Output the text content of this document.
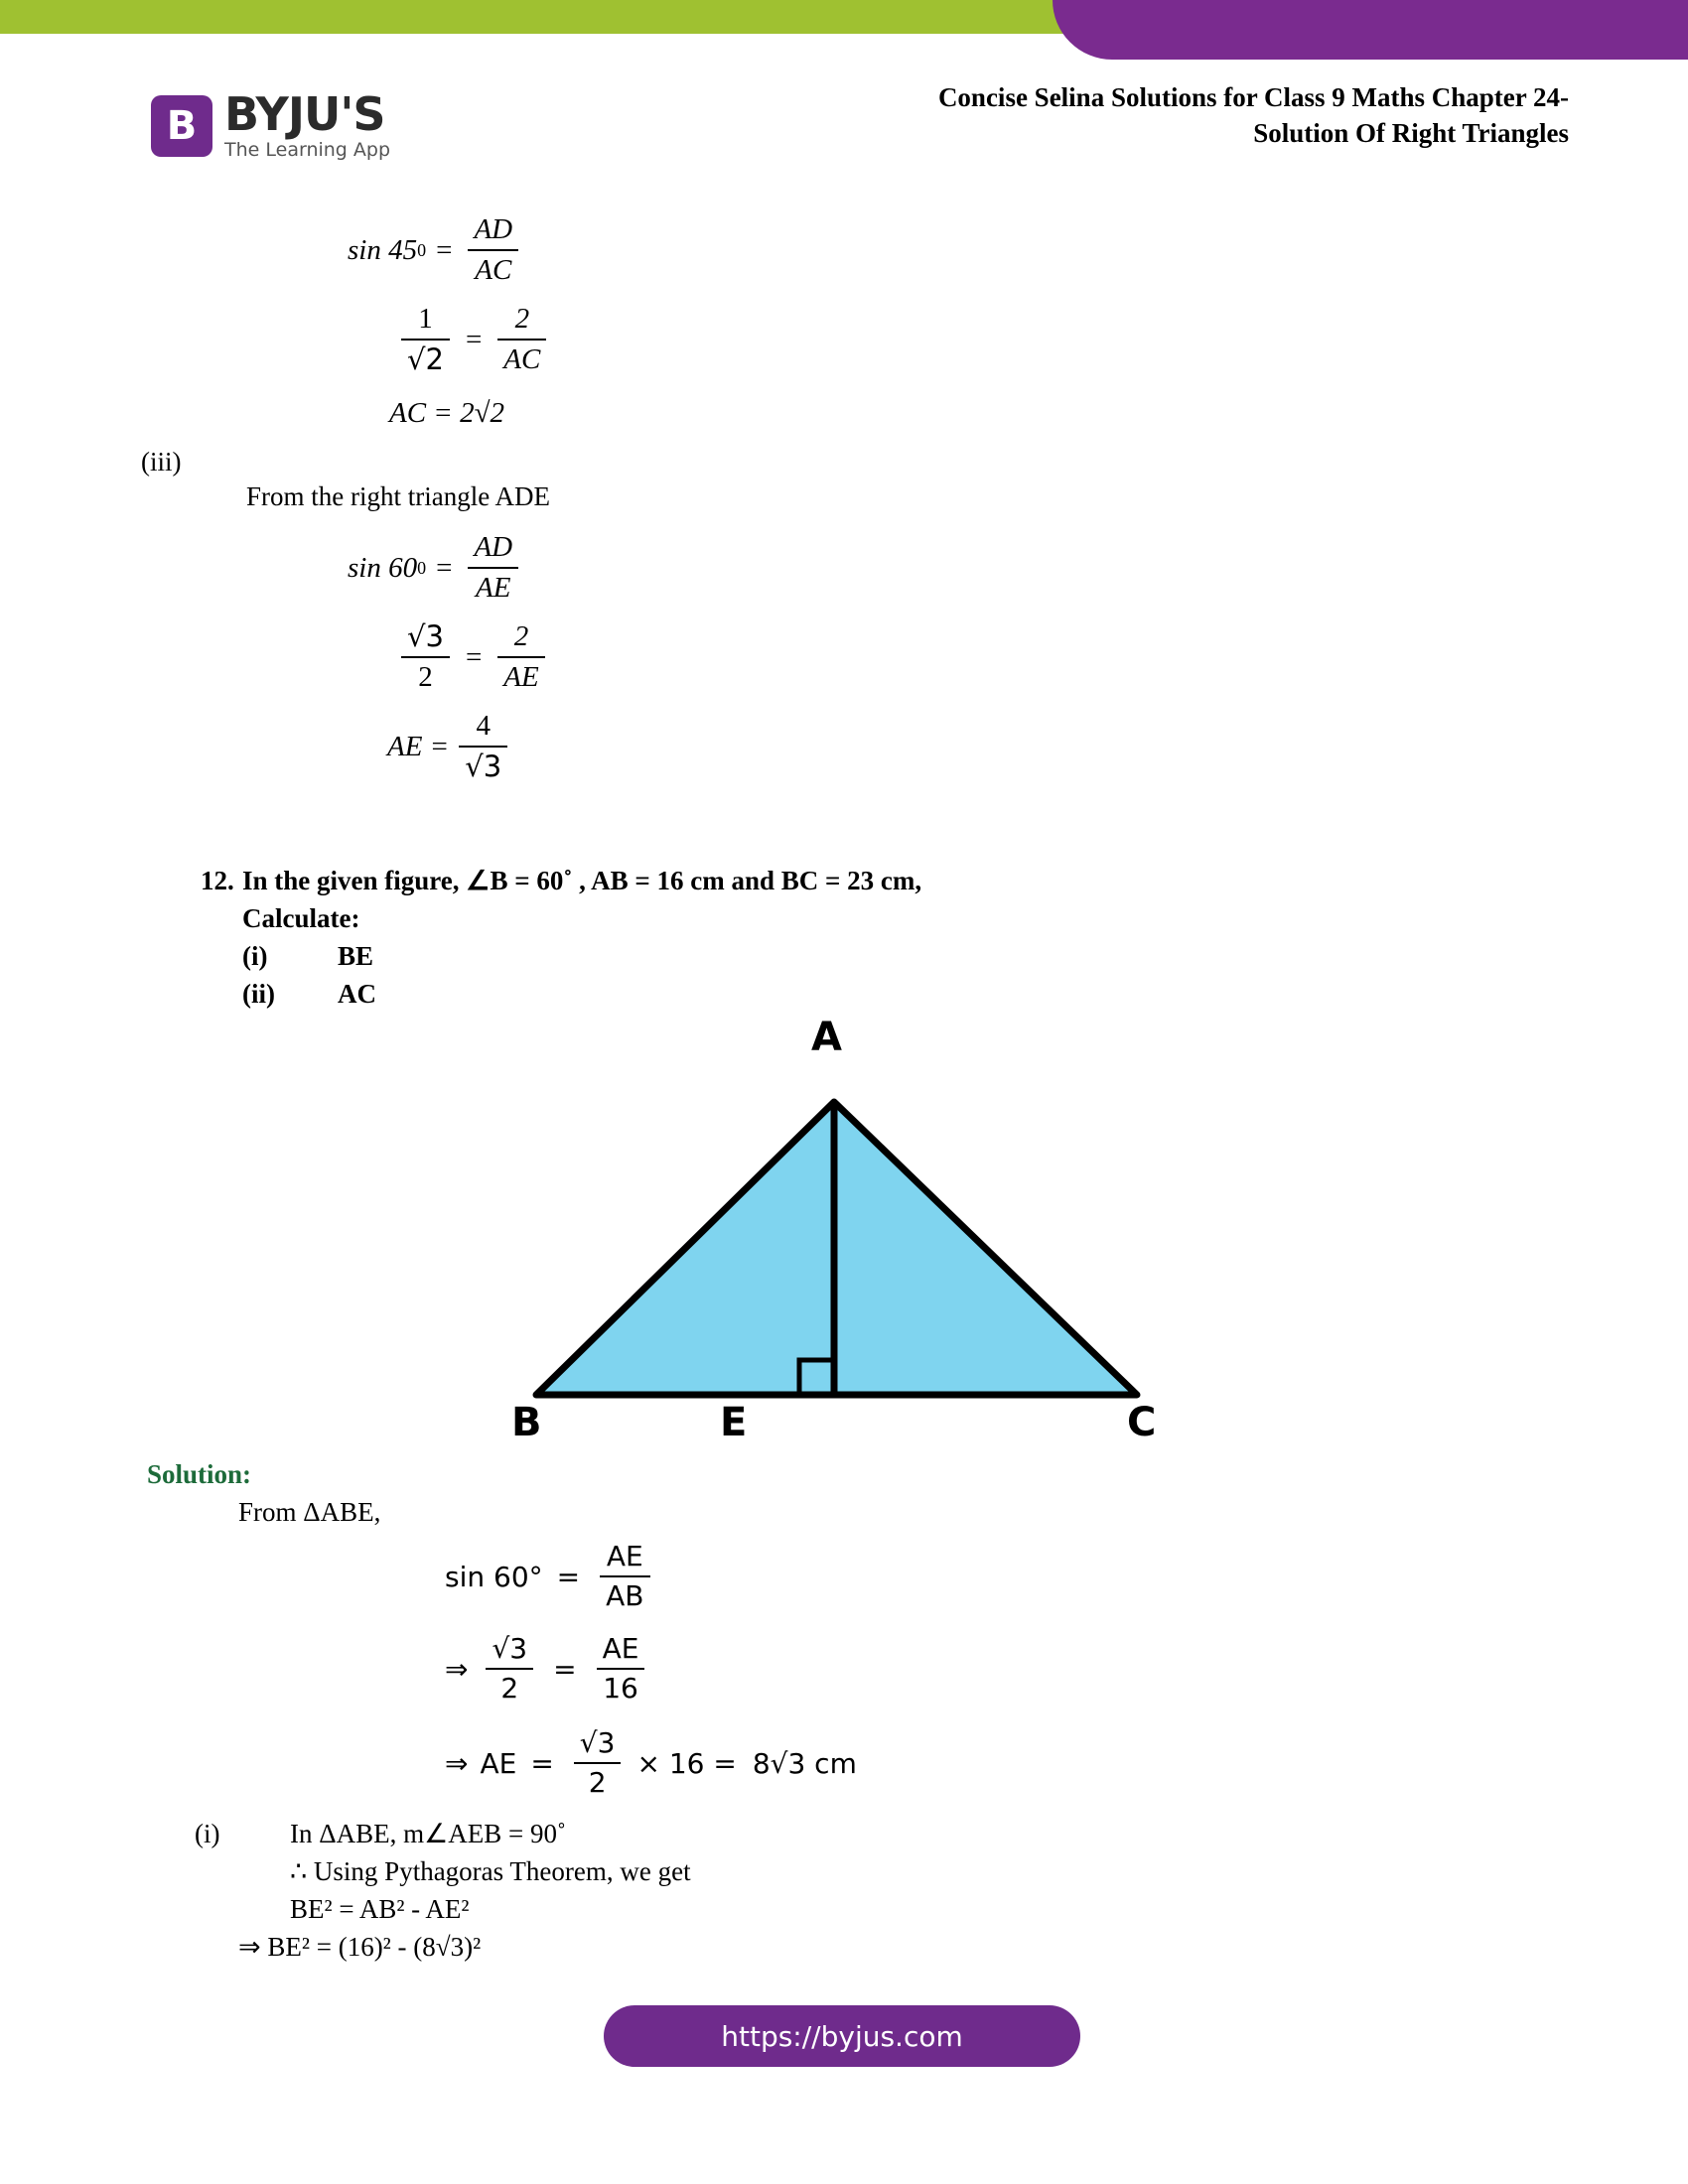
B BYJU'S
The Learning App
Concise Selina Solutions for Class 9 Maths Chapter 24-
Solution Of Right Triangles
sin 45 $0 = \frac{AD}{AC}$
$\frac{1}{√2} = \frac{2}{AC}$
AC = 2√2
(iii)
From the right triangle ADE
sin 60 $0 = \frac{AD}{AE}$
$\frac{√3}{2} = \frac{2}{AE}$
AE = $\frac{4}{√3}$
12. In the given figure, ∠B = 60˚ , AB = 16 cm and BC = 23 cm,
Calculate:
(i)	BE
(ii) AC
A
B	E	C
Solution:
From ΔABE,
$\sin 60^\circ = \frac{AE}{AB}$
⇒ $\frac{√3}{2} = \frac{AE}{16}$
⇒ AE = $\frac{√3}{2} \times 16 = 8√3$ cm
(i)	In ΔABE, m∠AEB = 90˚
∴ Using Pythagoras Theorem, we get
BE² = AB² - AE²
⇒ BE² = (16)² - (8√3)²
https://byjus.com
